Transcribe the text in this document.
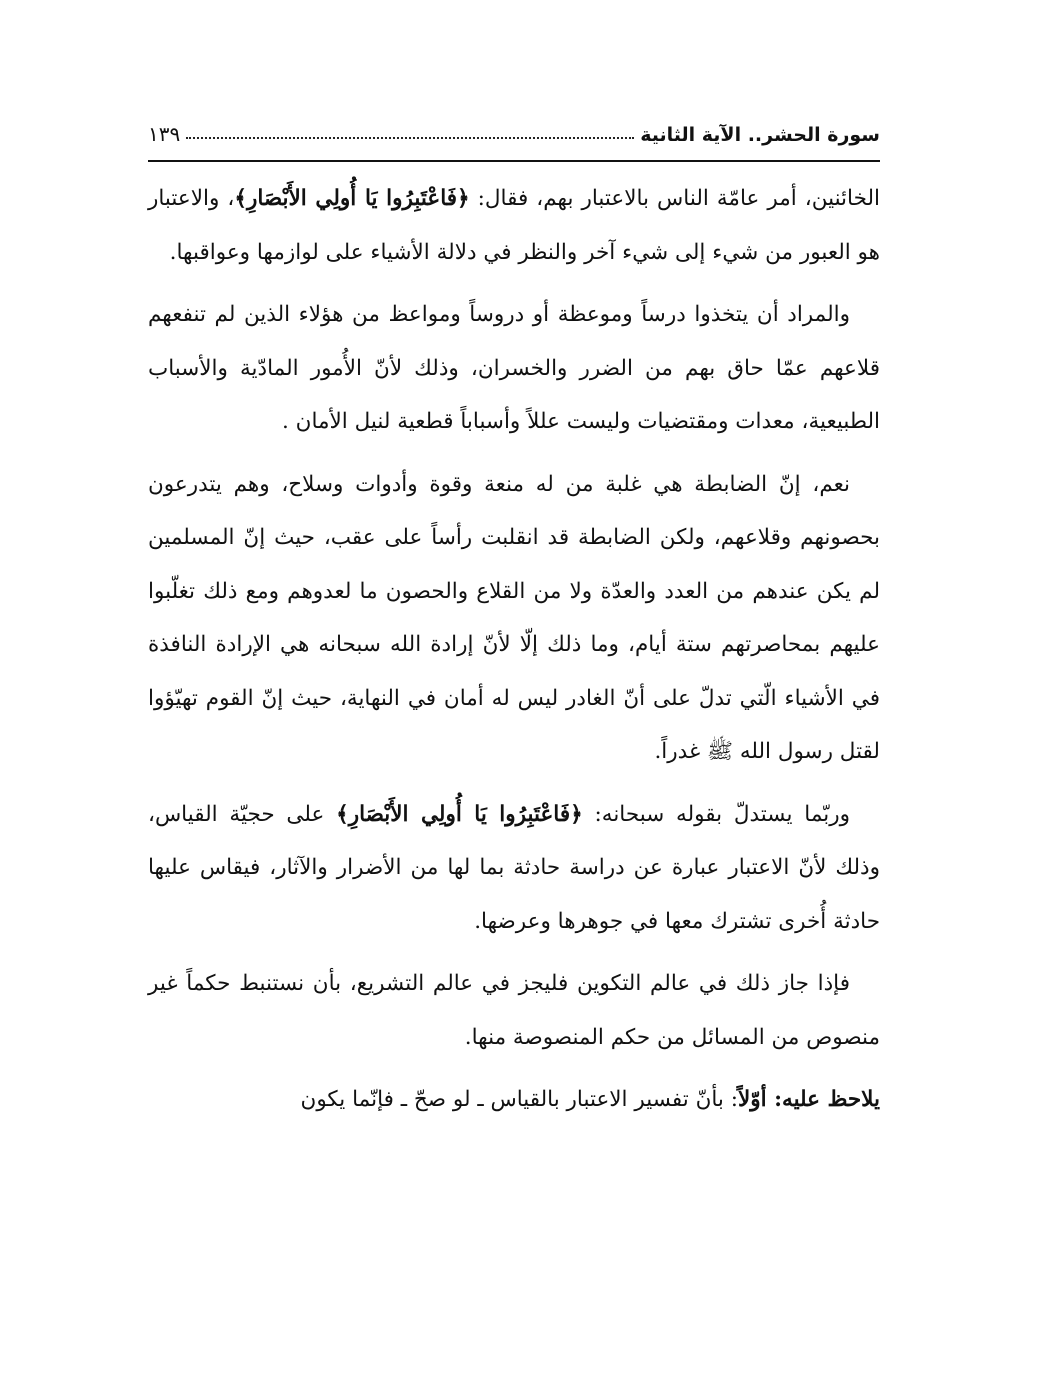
سورة الحشر.. الآية الثانية
١٣٩

الخائنين، أمر عامّة الناس بالاعتبار بهم، فقال: ﴿فَاعْتَبِرُوا يَا أُولِي الأَبْصَارِ﴾، والاعتبار هو العبور من شيء إلى شيء آخر والنظر في دلالة الأشياء على لوازمها وعواقبها.

والمراد أن يتخذوا درساً وموعظة أو دروساً ومواعظ من هؤلاء الذين لم تنفعهم قلاعهم عمّا حاق بهم من الضرر والخسران، وذلك لأنّ الأُمور المادّية والأسباب الطبيعية، معدات ومقتضيات وليست عللاً وأسباباً قطعية لنيل الأمان .

نعم، إنّ الضابطة هي غلبة من له منعة وقوة وأدوات وسلاح، وهم يتدرعون بحصونهم وقلاعهم، ولكن الضابطة قد انقلبت رأساً على عقب، حيث إنّ المسلمين لم يكن عندهم من العدد والعدّة ولا من القلاع والحصون ما لعدوهم ومع ذلك تغلّبوا عليهم بمحاصرتهم ستة أيام، وما ذلك إلّا لأنّ إرادة الله سبحانه هي الإرادة النافذة في الأشياء الّتي تدلّ على أنّ الغادر ليس له أمان في النهاية، حيث إنّ القوم تهيّؤوا لقتل رسول الله ﷺ غدراً.

وربّما يستدلّ بقوله سبحانه: ﴿فَاعْتَبِرُوا يَا أُولِي الأَبْصَارِ﴾ على حجيّة القياس، وذلك لأنّ الاعتبار عبارة عن دراسة حادثة بما لها من الأضرار والآثار، فيقاس عليها حادثة أُخرى تشترك معها في جوهرها وعرضها.

فإذا جاز ذلك في عالم التكوين فليجز في عالم التشريع، بأن نستنبط حكماً غير منصوص من المسائل من حكم المنصوصة منها.

يلاحظ عليه: أوّلاً: بأنّ تفسير الاعتبار بالقياس ـ لو صحّ ـ فإنّما يكون
